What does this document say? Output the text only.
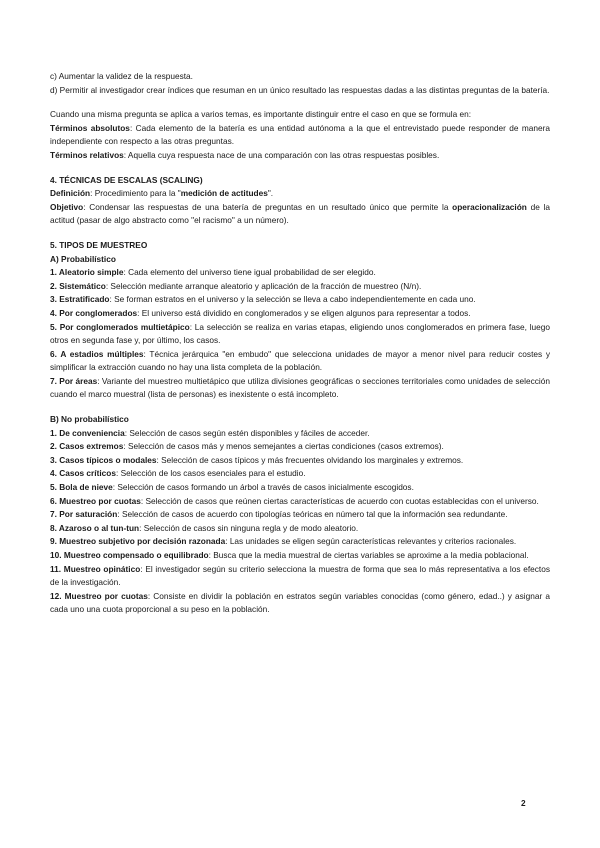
c) Aumentar la validez de la respuesta.

d) Permitir al investigador crear índices que resuman en un único resultado las respuestas dadas a las distintas preguntas de la batería.

Cuando una misma pregunta se aplica a varios temas, es importante distinguir entre el caso en que se formula en:

Términos absolutos: Cada elemento de la batería es una entidad autónoma a la que el entrevistado puede responder de manera independiente con respecto a las otras preguntas.

Términos relativos: Aquella cuya respuesta nace de una comparación con las otras respuestas posibles.

4. TÉCNICAS DE ESCALAS (SCALING)

Definición: Procedimiento para la "medición de actitudes".

Objetivo: Condensar las respuestas de una batería de preguntas en un resultado único que permite la operacionalización de la actitud (pasar de algo abstracto como "el racismo" a un número).

5. TIPOS DE MUESTREO

A) Probabilístico

1. Aleatorio simple: Cada elemento del universo tiene igual probabilidad de ser elegido.

2. Sistemático: Selección mediante arranque aleatorio y aplicación de la fracción de muestreo (N/n).

3. Estratificado: Se forman estratos en el universo y la selección se lleva a cabo independientemente en cada uno.

4. Por conglomerados: El universo está dividido en conglomerados y se eligen algunos para representar a todos.

5. Por conglomerados multietápico: La selección se realiza en varias etapas, eligiendo unos conglomerados en primera fase, luego otros en segunda fase y, por último, los casos.

6. A estadios múltiples: Técnica jerárquica "en embudo" que selecciona unidades de mayor a menor nivel para reducir costes y simplificar la extracción cuando no hay una lista completa de la población.

7. Por áreas: Variante del muestreo multietápico que utiliza divisiones geográficas o secciones territoriales como unidades de selección cuando el marco muestral (lista de personas) es inexistente o está incompleto.

B) No probabilístico

1. De conveniencia: Selección de casos según estén disponibles y fáciles de acceder.

2. Casos extremos: Selección de casos más y menos semejantes a ciertas condiciones (casos extremos).

3. Casos típicos o modales: Selección de casos típicos y más frecuentes olvidando los marginales y extremos.

4. Casos críticos: Selección de los casos esenciales para el estudio.

5. Bola de nieve: Selección de casos formando un árbol a través de casos inicialmente escogidos.

6. Muestreo por cuotas: Selección de casos que reúnen ciertas características de acuerdo con cuotas establecidas con el universo.

7. Por saturación: Selección de casos de acuerdo con tipologías teóricas en número tal que la información sea redundante.

8. Azaroso o al tun-tun: Selección de casos sin ninguna regla y de modo aleatorio.

9. Muestreo subjetivo por decisión razonada: Las unidades se eligen según características relevantes y criterios racionales.

10. Muestreo compensado o equilibrado: Busca que la media muestral de ciertas variables se aproxime a la media poblacional.

11. Muestreo opinático: El investigador según su criterio selecciona la muestra de forma que sea lo más representativa a los efectos de la investigación.

12. Muestreo por cuotas: Consiste en dividir la población en estratos según variables conocidas (como género, edad..) y asignar a cada uno una cuota proporcional a su peso en la población.

2
